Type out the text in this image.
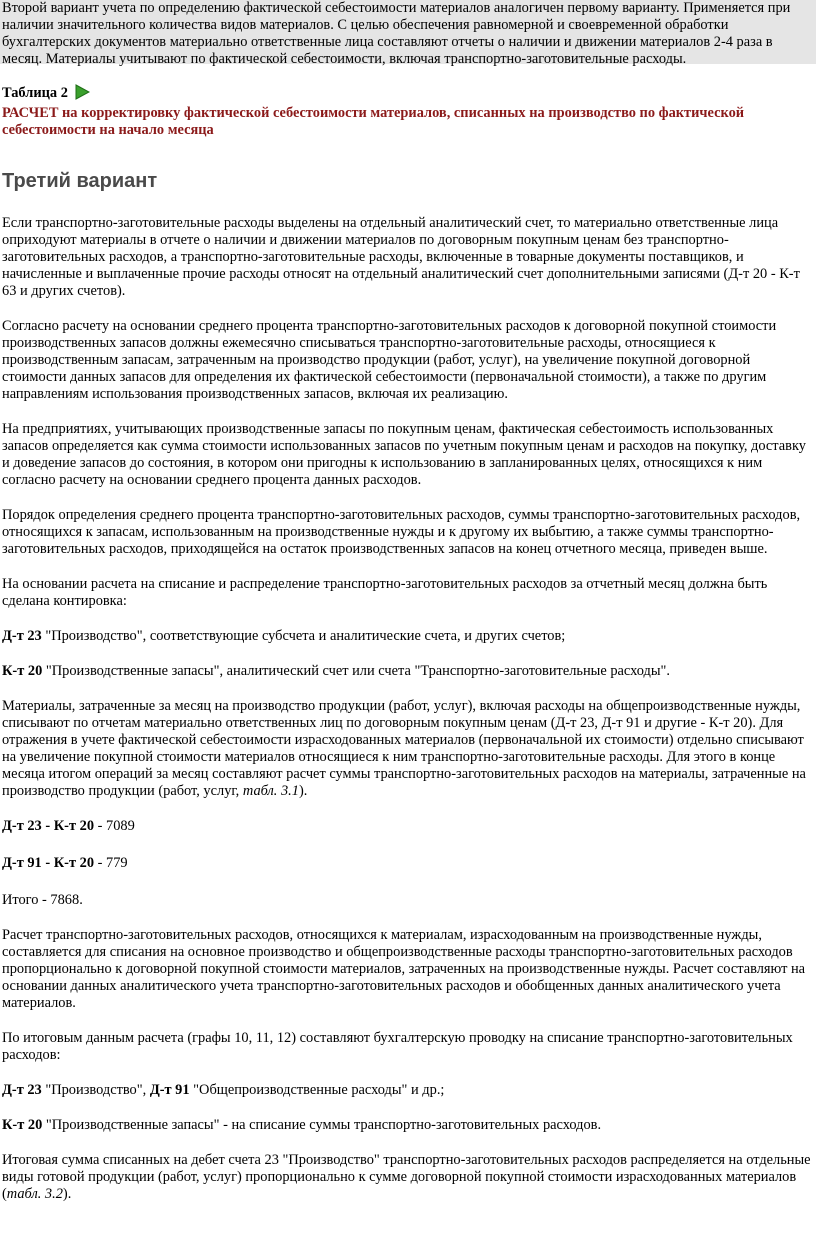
Второй вариант учета по определению фактической себестоимости материалов аналогичен первому варианту. Применяется при наличии значительного количества видов материалов. С целью обеспечения равномерной и своевременной обработки бухгалтерских документов материально ответственные лица составляют отчеты о наличии и движении материалов 2-4 раза в месяц. Материалы учитывают по фактической себестоимости, включая транспортно-заготовительные расходы.
Таблица 2
РАСЧЕТ на корректировку фактической себестоимости материалов, списанных на производство по фактической себестоимости на начало месяца
Третий вариант

Если транспортно-заготовительные расходы выделены на отдельный аналитический счет, то материально ответственные лица оприходуют материалы в отчете о наличии и движении материалов по договорным покупным ценам без транспортно-заготовительных расходов, а транспортно-заготовительные расходы, включенные в товарные документы поставщиков, и начисленные и выплаченные прочие расходы относят на отдельный аналитический счет дополнительными записями (Д-т 20 - К-т 63 и других счетов).

Согласно расчету на основании среднего процента транспортно-заготовительных расходов к договорной покупной стоимости производственных запасов должны ежемесячно списываться транспортно-заготовительные расходы, относящиеся к производственным запасам, затраченным на производство продукции (работ, услуг), на увеличение покупной договорной стоимости данных запасов для определения их фактической себестоимости (первоначальной стоимости), а также по другим направлениям использования производственных запасов, включая их реализацию.

На предприятиях, учитывающих производственные запасы по покупным ценам, фактическая себестоимость использованных запасов определяется как сумма стоимости использованных запасов по учетным покупным ценам и расходов на покупку, доставку и доведение запасов до состояния, в котором они пригодны к использованию в запланированных целях, относящихся к ним согласно расчету на основании среднего процента данных расходов.

Порядок определения среднего процента транспортно-заготовительных расходов, суммы транспортно-заготовительных расходов, относящихся к запасам, использованным на производственные нужды и к другому их выбытию, а также суммы транспортно-заготовительных расходов, приходящейся на остаток производственных запасов на конец отчетного месяца, приведен выше.

На основании расчета на списание и распределение транспортно-заготовительных расходов за отчетный месяц должна быть сделана контировка:

Д-т 23 "Производство", соответствующие субсчета и аналитические счета, и других счетов;

К-т 20 "Производственные запасы", аналитический счет или счета "Транспортно-заготовительные расходы".

Материалы, затраченные за месяц на производство продукции (работ, услуг), включая расходы на общепроизводственные нужды, списывают по отчетам материально ответственных лиц по договорным покупным ценам (Д-т 23, Д-т 91 и другие - К-т 20). Для отражения в учете фактической себестоимости израсходованных материалов (первоначальной их стоимости) отдельно списывают на увеличение покупной стоимости материалов относящиеся к ним транспортно-заготовительные расходы. Для этого в конце месяца итогом операций за месяц составляют расчет суммы транспортно-заготовительных расходов на материалы, затраченные на производство продукции (работ, услуг, табл. 3.1).

Д-т 23 - К-т 20 - 7089

Д-т 91 - К-т 20 - 779

Итого - 7868.

Расчет транспортно-заготовительных расходов, относящихся к материалам, израсходованным на производственные нужды, составляется для списания на основное производство и общепроизводственные расходы транспортно-заготовительных расходов пропорционально к договорной покупной стоимости материалов, затраченных на производственные нужды. Расчет составляют на основании данных аналитического учета транспортно-заготовительных расходов и обобщенных данных аналитического учета материалов.

По итоговым данным расчета (графы 10, 11, 12) составляют бухгалтерскую проводку на списание транспортно-заготовительных расходов:

Д-т 23 "Производство", Д-т 91 "Общепроизводственные расходы" и др.;

К-т 20 "Производственные запасы" - на списание суммы транспортно-заготовительных расходов.

Итоговая сумма списанных на дебет счета 23 "Производство" транспортно-заготовительных расходов распределяется на отдельные виды готовой продукции (работ, услуг) пропорционально к сумме договорной покупной стоимости израсходованных материалов (табл. 3.2).
